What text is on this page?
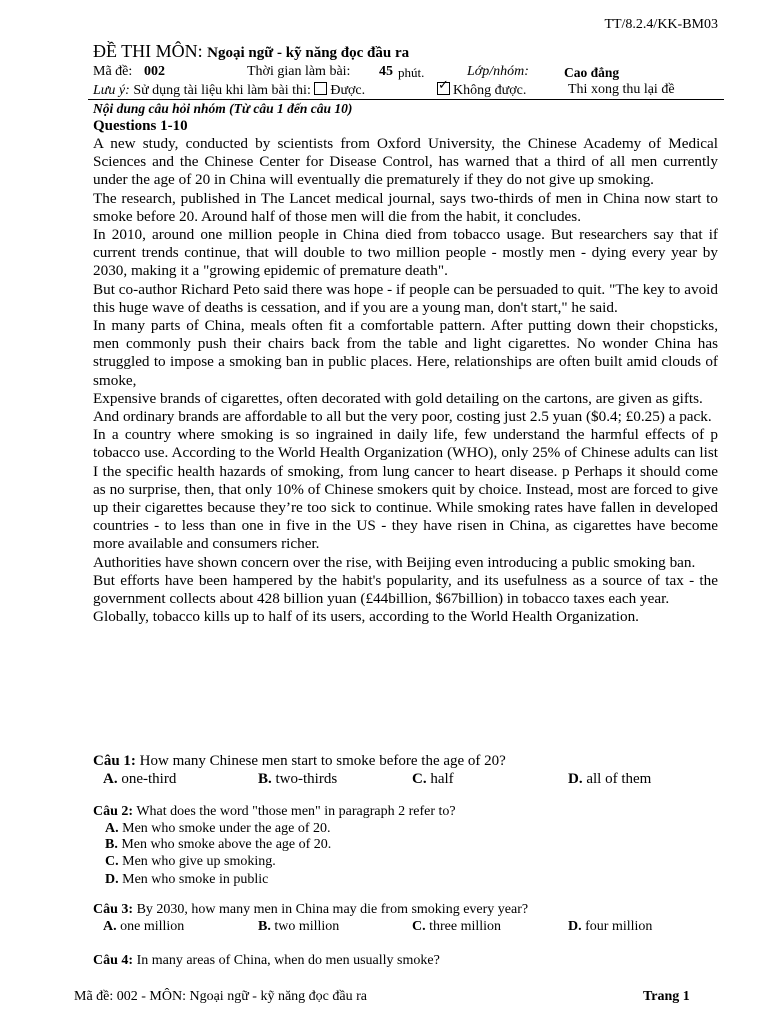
TT/8.2.4/KK-BM03
ĐỀ THI MÔN: Ngoại ngữ - kỹ năng đọc đầu ra
Mã đề: 002	Thời gian làm bài: 45 phút.	Lớp/nhóm:	Cao đẳng
Lưu ý: Sử dụng tài liệu khi làm bài thi: Được.
✓	Không được.	Thi xong thu lại đề
Nội dung câu hỏi nhóm (Từ câu 1 đến câu 10)
Questions 1-10

A new study, conducted by scientists from Oxford University, the Chinese Academy of Medical Sciences and the Chinese Center for Disease Control, has warned that a third of all men currently under the age of 20 in China will eventually die prematurely if they do not give up smoking.

The research, published in The Lancet medical journal, says two-thirds of men in China now start to smoke before 20. Around half of those men will die from the habit, it concludes.

In 2010, around one million people in China died from tobacco usage. But researchers say that if current trends continue, that will double to two million people - mostly men - dying every year by 2030, making it a "growing epidemic of premature death".

But co-author Richard Peto said there was hope - if people can be persuaded to quit. "The key to avoid this huge wave of deaths is cessation, and if you are a young man, don't start," he said.

In many parts of China, meals often fit a comfortable pattern. After putting down their chopsticks, men commonly push their chairs back from the table and light cigarettes. No wonder China has struggled to impose a smoking ban in public places. Here, relationships are often built amid clouds of smoke,

Expensive brands of cigarettes, often decorated with gold detailing on the cartons, are given as gifts.

And ordinary brands are affordable to all but the very poor, costing just 2.5 yuan ($0.4; £0.25) a pack.

In a country where smoking is so ingrained in daily life, few understand the harmful effects of p tobacco use. According to the World Health Organization (WHO), only 25% of Chinese adults can list I the specific health hazards of smoking, from lung cancer to heart disease. p Perhaps it should come as no surprise, then, that only 10% of Chinese smokers quit by choice. Instead, most are forced to give up their cigarettes because they’re too sick to continue. While smoking rates have fallen in developed countries - to less than one in five in the US - they have risen in China, as cigarettes have become more available and consumers richer.

Authorities have shown concern over the rise, with Beijing even introducing a public smoking ban.

But efforts have been hampered by the habit's popularity, and its usefulness as a source of tax - the government collects about 428 billion yuan (£44billion, $67billion) in tobacco taxes each year.

Globally, tobacco kills up to half of its users, according to the World Health Organization.

Câu 1: How many Chinese men start to smoke before the age of 20?
A. one-third	B. two-thirds	C. half	D. all of them
Câu 2: What does the word "those men" in paragraph 2 refer to?
A. Men who smoke under the age of 20.
B. Men who smoke above the age of 20.
C. Men who give up smoking.
D. Men who smoke in public
Câu 3: By 2030, how many men in China may die from smoking every year?
A. one million	B. two million	C. three million	D. four million
Câu 4: In many areas of China, when do men usually smoke?
Mã đề: 002 - MÔN: Ngoại ngữ - kỹ năng đọc đầu ra	Trang 1
